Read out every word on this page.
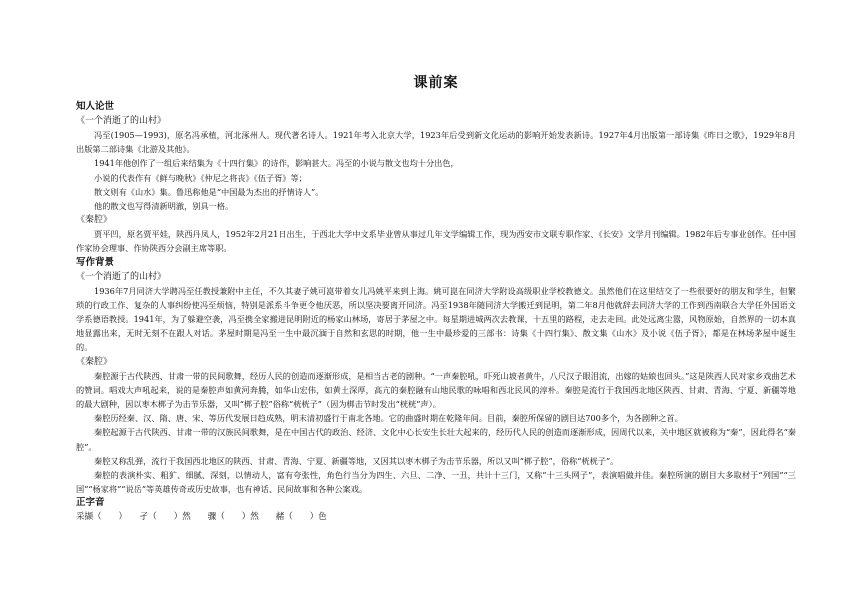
课前案
知人论世
《一个消逝了的山村》
冯至(1905—1993)，原名冯承植，河北涿州人。现代著名诗人。1921年考入北京大学，1923年后受到新文化运动的影响开始发表新诗。1927年4月出版第一部诗集《昨日之歌》，1929年8月出版第二部诗集《北游及其他》。
1941年他创作了一组后来结集为《十四行集》的诗作，影响甚大。冯至的小说与散文也均十分出色，
小说的代表作有《鲜与晚秋》《仲尼之将丧》《伍子胥》等；
散文则有《山水》集。鲁迅称他是“中国最为杰出的抒情诗人”。
他的散文也写得清新明澈，别具一格。
《秦腔》
贾平凹，原名贾平娃，陕西丹凤人，1952年2月21日出生，于西北大学中文系毕业曾从事过几年文学编辑工作，现为西安市文联专职作家、《长安》文学月刊编辑。1982年后专事业创作。任中国作家协会理事、作协陕西分会副主席等职。
写作背景
《一个消逝了的山村》
1936年7月同济大学聘冯至任教授兼附中主任，不久其妻子姚可崑带着女儿冯姚平来到上海。姚可崑在同济大学附设高级职业学校教德文。虽然他们在这里结交了一些很要好的朋友和学生，但繁琐的行政工作、复杂的人事纠纷使冯至烦恼，特别是派系斗争更令他厌恶，所以坚决要离开同济。冯至1938年随同济大学搬迁到昆明，第二年8月他就辞去同济大学的工作到西南联合大学任外国语文学系德语教授。1941年，为了躲避空袭，冯至携全家搬进昆明附近的杨家山林场，寄居于茅屋之中。每星期进城两次去教课，十五里的路程，走去走回。此处远离尘嚣，风物原始，自然界的一切本真地显露出来，无时无刻不在跟人对话。茅屋时期是冯至一生中最沉湎于自然和玄思的时期，他一生中最珍爱的三部书：诗集《十四行集》、散文集《山水》及小说《伍子胥》，都是在林场茅屋中诞生的。
《秦腔》
秦腔源于古代陕西、甘肃一带的民间歌舞，经历人民的创造而逐渐形成，是相当古老的剧种。“一声秦腔吼，吓死山坡者黄牛，八尺汉子眼泪流，出嫁的姑娘也回头。”这是陕西人民对家乡戏曲艺术的赞词。唱戏大声吼起来，说的是秦腔声如黄河奔腾，如华山宏伟，如黄土深厚，高亢的秦腔融有山地民歌的咏唱和西北民风的淳朴。秦腔是流行于我国西北地区陕西、甘肃、青海、宁夏、新疆等地的最大剧种，因以枣木梆子为击节乐器，又叫“梆子腔”俗称“桄桄子”（因为梆击节时发出“桄桄”声）。
秦腔历经秦、汉、隋、唐、宋、等历代发展日趋成熟，明末清初盛行于南北各地。它的曲盛时期在乾隆年间。目前，秦腔所保留的剧目达700多个，为各剧种之首。
秦腔起源于古代陕西、甘肃一带的汉族民间歌舞，是在中国古代的政治、经济、文化中心长安生长壮大起来的，经历代人民的创造而逐渐形成，因周代以来，关中地区就被称为“秦”，因此得名“秦腔”。
秦腔又称乱弹，流行于我国西北地区的陕西、甘肃、青海、宁夏、新疆等地，又因其以枣木梆子为击节乐器，所以又叫“梆子腔”，俗称“桄桄子”。
秦腔的表演朴实、粗犷、细腻、深刻，以情动人，富有夸张性，角色行当分为四生、六旦、二净、一丑，共计十三门，又称“十三头网子”，表演唱做并佳。秦腔所演的剧目大多取材于“列国”“三国”“杨家将”“说岳”等英雄传奇或历史故事，也有神话、民间故事和各种公案戏。
正字音
采撷（　　）　　孑（　　）然　　骤（　　）然　　赭（　　）色
